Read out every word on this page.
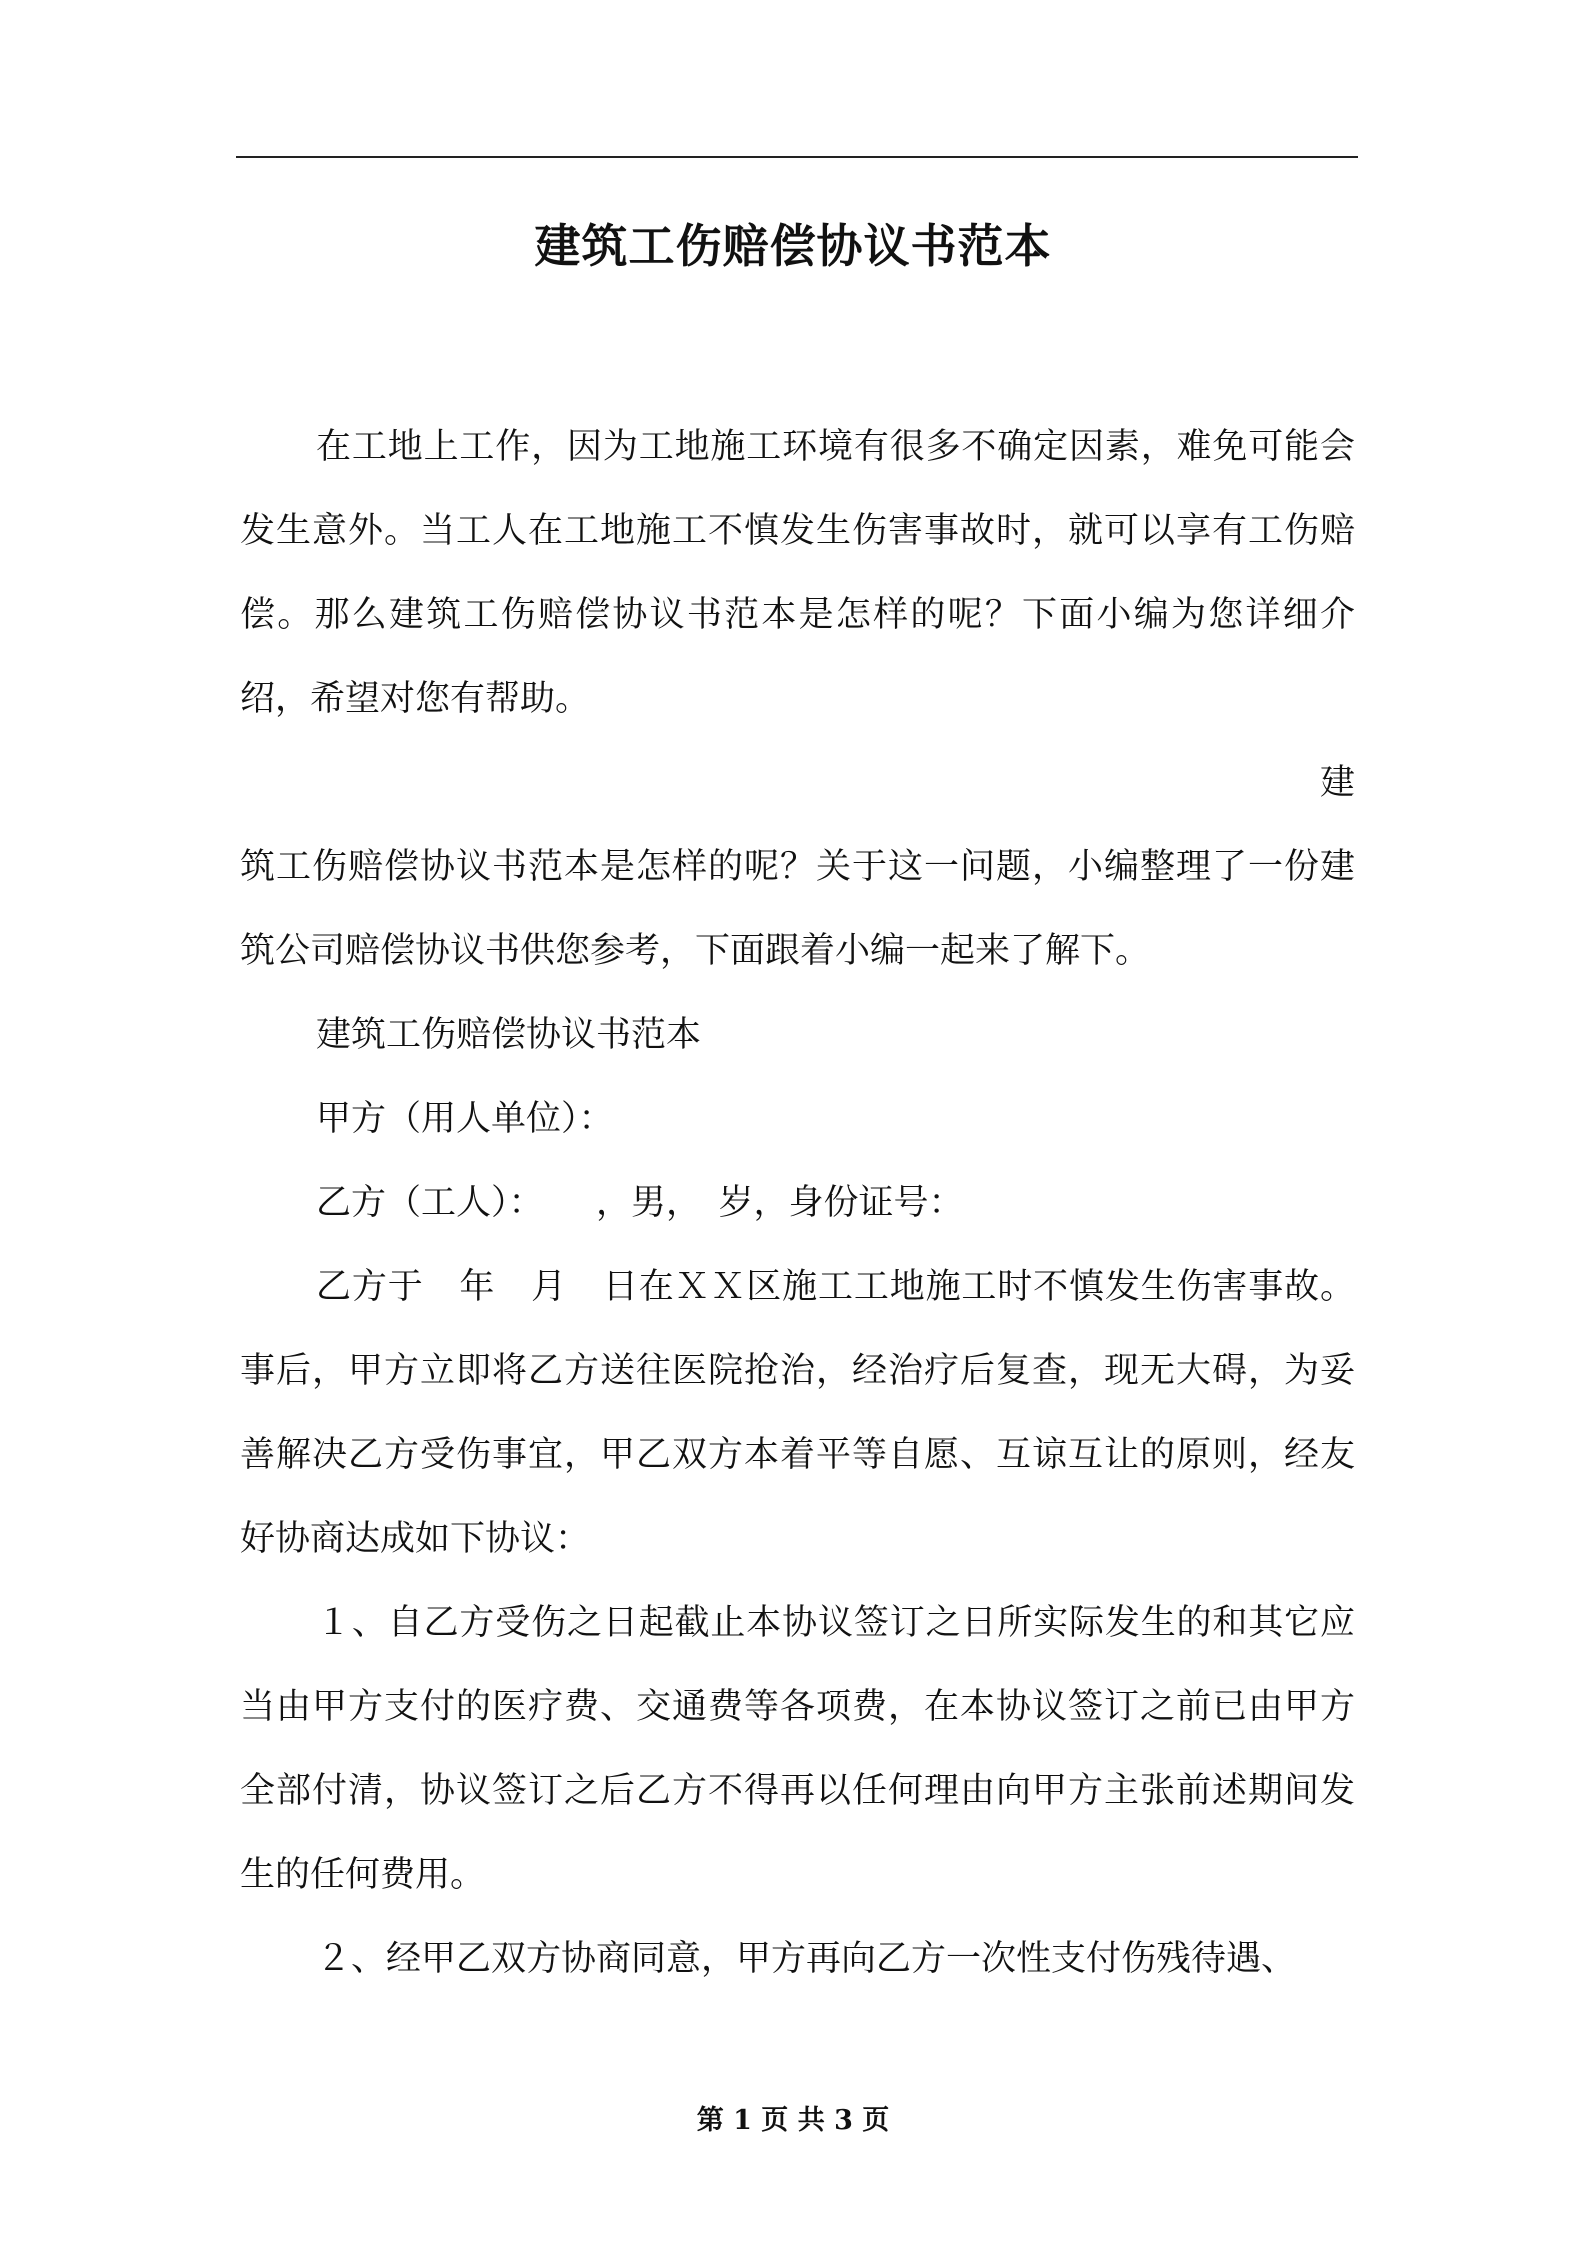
建筑工伤赔偿协议书范本

在工地上工作，因为工地施工环境有很多不确定因素，难免可能会发生意外。当工人在工地施工不慎发生伤害事故时，就可以享有工伤赔偿。那么建筑工伤赔偿协议书范本是怎样的呢？下面小编为您详细介绍，希望对您有帮助。

建

筑工伤赔偿协议书范本是怎样的呢？关于这一问题，小编整理了一份建筑公司赔偿协议书供您参考，下面跟着小编一起来了解下。

建筑工伤赔偿协议书范本

甲方（用人单位）：

乙方（工人）：　　，男，　岁，身份证号：

乙方于　年　月　日在ＸＸ区施工工地施工时不慎发生伤害事故。事后，甲方立即将乙方送往医院抢治，经治疗后复查，现无大碍，为妥善解决乙方受伤事宜，甲乙双方本着平等自愿、互谅互让的原则，经友好协商达成如下协议：

１、自乙方受伤之日起截止本协议签订之日所实际发生的和其它应当由甲方支付的医疗费、交通费等各项费，在本协议签订之前已由甲方全部付清，协议签订之后乙方不得再以任何理由向甲方主张前述期间发生的任何费用。

２、经甲乙双方协商同意，甲方再向乙方一次性支付伤残待遇、

第 1 页 共 3 页
